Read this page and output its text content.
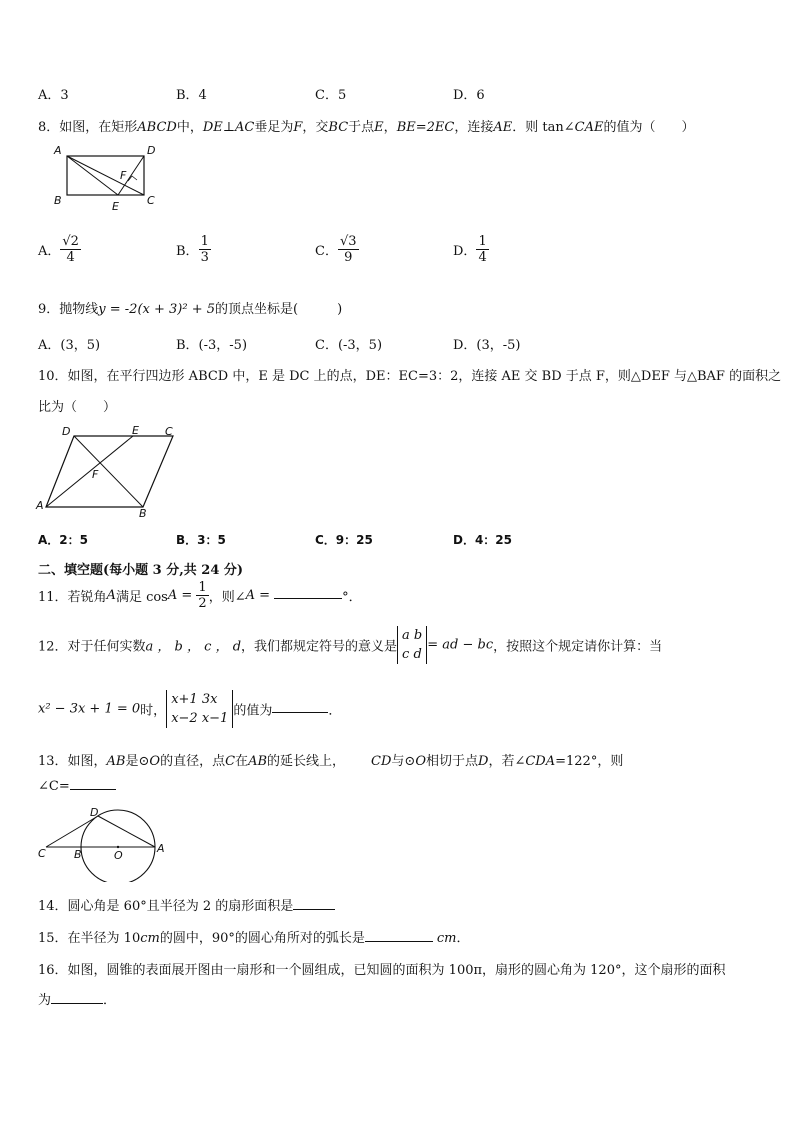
A．3	B．4	C．5	D．6
8．如图，在矩形ABCD中，DE⊥AC垂足为F，交BC于点E，BE=2EC，连接AE．则 tan∠CAE的值为（　　）
A	D
B	C
E
F
A． $\frac{√2}{4}$	B． $\frac{1}{3}$	C． $\frac{√3}{9}$	D． $\frac{1}{4}$
9．抛物线y = -2(x + 3)² + 5的顶点坐标是(　　　)
A．(3，5)	B．(-3，-5)	C．(-3，5)	D．(3，-5)
10．如图，在平行四边形 ABCD 中，E 是 DC 上的点，DE：EC=3：2，连接 AE 交 BD 于点 F，则△DEF 与△BAF 的面积之
比为（　　）
D	E C
F
A
B
A．2：5	B．3：5	C．9：25	D．4：25
二、填空题(每小题 3 分,共 24 分)
11．若锐角A满足 $\cos A = \frac{1}{2}$ ，则∠A =	°．
12．对于任何实数a ， b ， c ， d，我们都规定符号的意义是
a b
c d
= ad − bc，按照这个规定请你计算：当
x² − 3x + 1 = 0时，
x+1 3x
x−2 x−1 的值为	．
13．如图，AB是⊙O的直径，点C在AB的延长线上， CD与⊙O相切于点D，若∠CDA=122°，则
∠C=
D
C	B	O
A
14．圆心角是 60°且半径为 2 的扇形面积是
15．在半径为 10cm的圆中，90°的圆心角所对的弧长是	cm．
16．如图，圆锥的表面展开图由一扇形和一个圆组成，已知圆的面积为 100π，扇形的圆心角为 120°，这个扇形的面积
为	．
